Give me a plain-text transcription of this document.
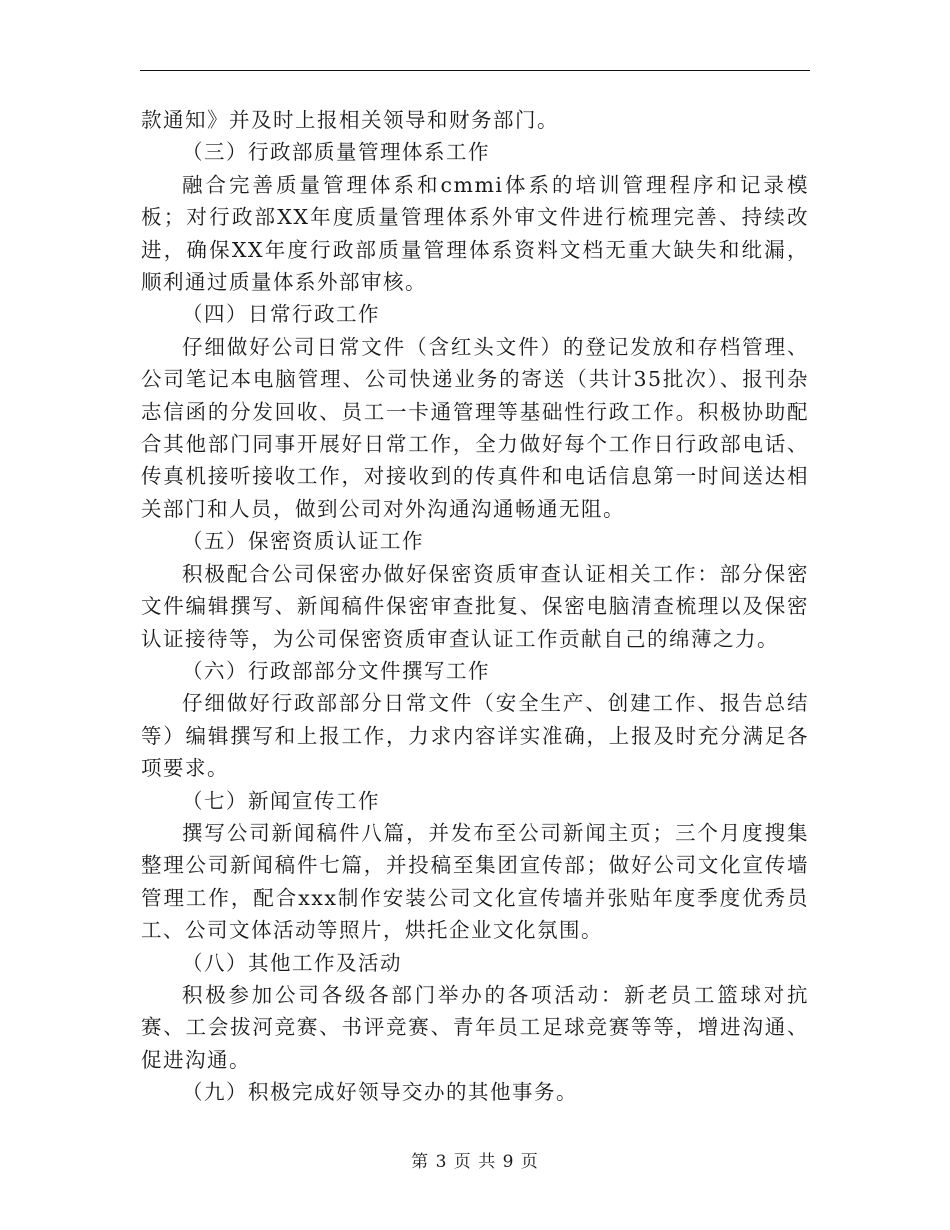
款通知》并及时上报相关领导和财务部门。

（三）行政部质量管理体系工作

融合完善质量管理体系和cmmi体系的培训管理程序和记录模板；对行政部XX年度质量管理体系外审文件进行梳理完善、持续改进，确保XX年度行政部质量管理体系资料文档无重大缺失和纰漏，顺利通过质量体系外部审核。

（四）日常行政工作

仔细做好公司日常文件（含红头文件）的登记发放和存档管理、公司笔记本电脑管理、公司快递业务的寄送（共计35批次）、报刊杂志信函的分发回收、员工一卡通管理等基础性行政工作。积极协助配合其他部门同事开展好日常工作，全力做好每个工作日行政部电话、传真机接听接收工作，对接收到的传真件和电话信息第一时间送达相关部门和人员，做到公司对外沟通沟通畅通无阻。

（五）保密资质认证工作

积极配合公司保密办做好保密资质审查认证相关工作：部分保密文件编辑撰写、新闻稿件保密审查批复、保密电脑清查梳理以及保密认证接待等，为公司保密资质审查认证工作贡献自己的绵薄之力。

（六）行政部部分文件撰写工作

仔细做好行政部部分日常文件（安全生产、创建工作、报告总结等）编辑撰写和上报工作，力求内容详实准确，上报及时充分满足各项要求。

（七）新闻宣传工作

撰写公司新闻稿件八篇，并发布至公司新闻主页；三个月度搜集整理公司新闻稿件七篇，并投稿至集团宣传部；做好公司文化宣传墙管理工作，配合xxx制作安装公司文化宣传墙并张贴年度季度优秀员工、公司文体活动等照片，烘托企业文化氛围。

（八）其他工作及活动

积极参加公司各级各部门举办的各项活动：新老员工篮球对抗赛、工会拔河竞赛、书评竞赛、青年员工足球竞赛等等，增进沟通、促进沟通。

（九）积极完成好领导交办的其他事务。

第 3 页 共 9 页
